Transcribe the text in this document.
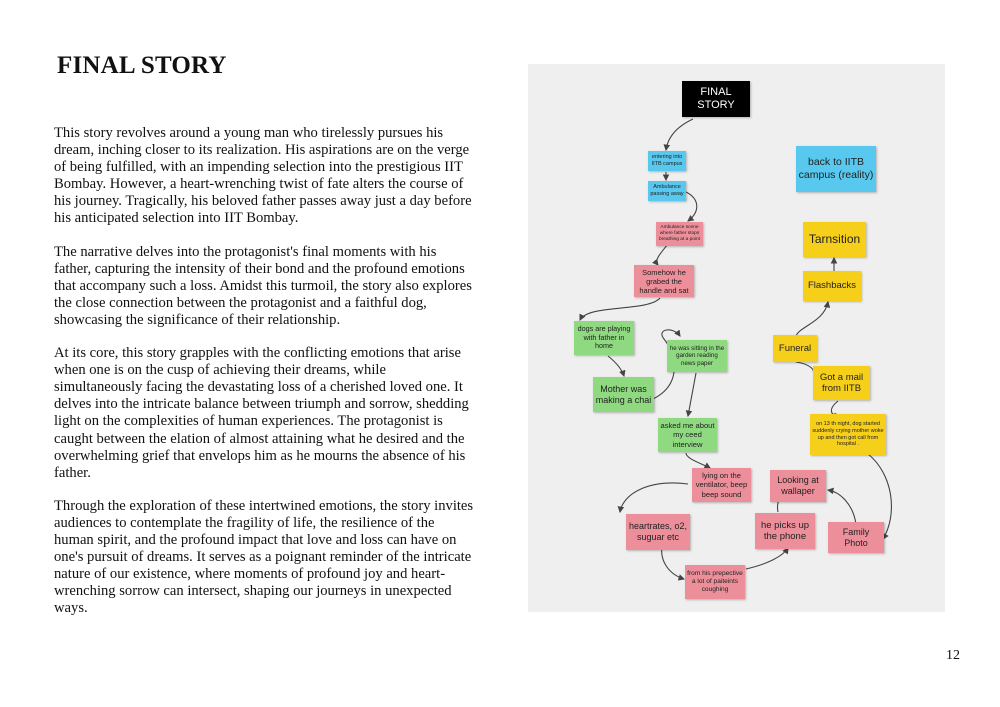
FINAL STORY

This story revolves around a young man who tirelessly pursues his dream, inching closer to its realization. His aspirations are on the verge of being fulfilled, with an impending selection into the prestigious IIT Bombay. However, a heart-wrenching twist of fate alters the course of his journey. Tragically, his beloved father passes away just a day before his anticipated selection into IIT Bombay.

The narrative delves into the protagonist's final moments with his father, capturing the intensity of their bond and the profound emotions that accompany such a loss. Amidst this turmoil, the story also explores the close connection between the protagonist and a faithful dog, showcasing the significance of their relationship.

At its core, this story grapples with the conflicting emotions that arise when one is on the cusp of achieving their dreams, while simultaneously facing the devastating loss of a cherished loved one. It delves into the intricate balance between triumph and sorrow, shedding light on the complexities of human experiences. The protagonist is caught between the elation of almost attaining what he desired and the overwhelming grief that envelops him as he mourns the absence of his father.

Through the exploration of these intertwined emotions, the story invites audiences to contemplate the fragility of life, the resilience of the human spirit, and the profound impact that love and loss can have on one's pursuit of dreams. It serves as a poignant reminder of the intricate nature of our existence, where moments of profound joy and heart-wrenching sorrow can intersect, shaping our journeys in unexpected ways.

FINAL STORY
entering into IITB campus
Ambulance passing away
Ambulance scene where father stops breathing at a point
Somehow he grabed the handle and sat
dogs are playing with father in home	he was sitting in the garden reading news paper
Mother was making a chai
asked me about my ceed interview
lying on the ventilator, beep beep sound
heartrates, o2, suguar etc
he picks up the phone
from his prepective a lot of paiteints coughing
Looking at wallaper
Family Photo
back to IITB campus (reality)
Tarnsition
Flashbacks
Funeral
Got a mail from IITB
on 13 th night, dog started suddenly crying mother woke up and then got call from hospital .
12
